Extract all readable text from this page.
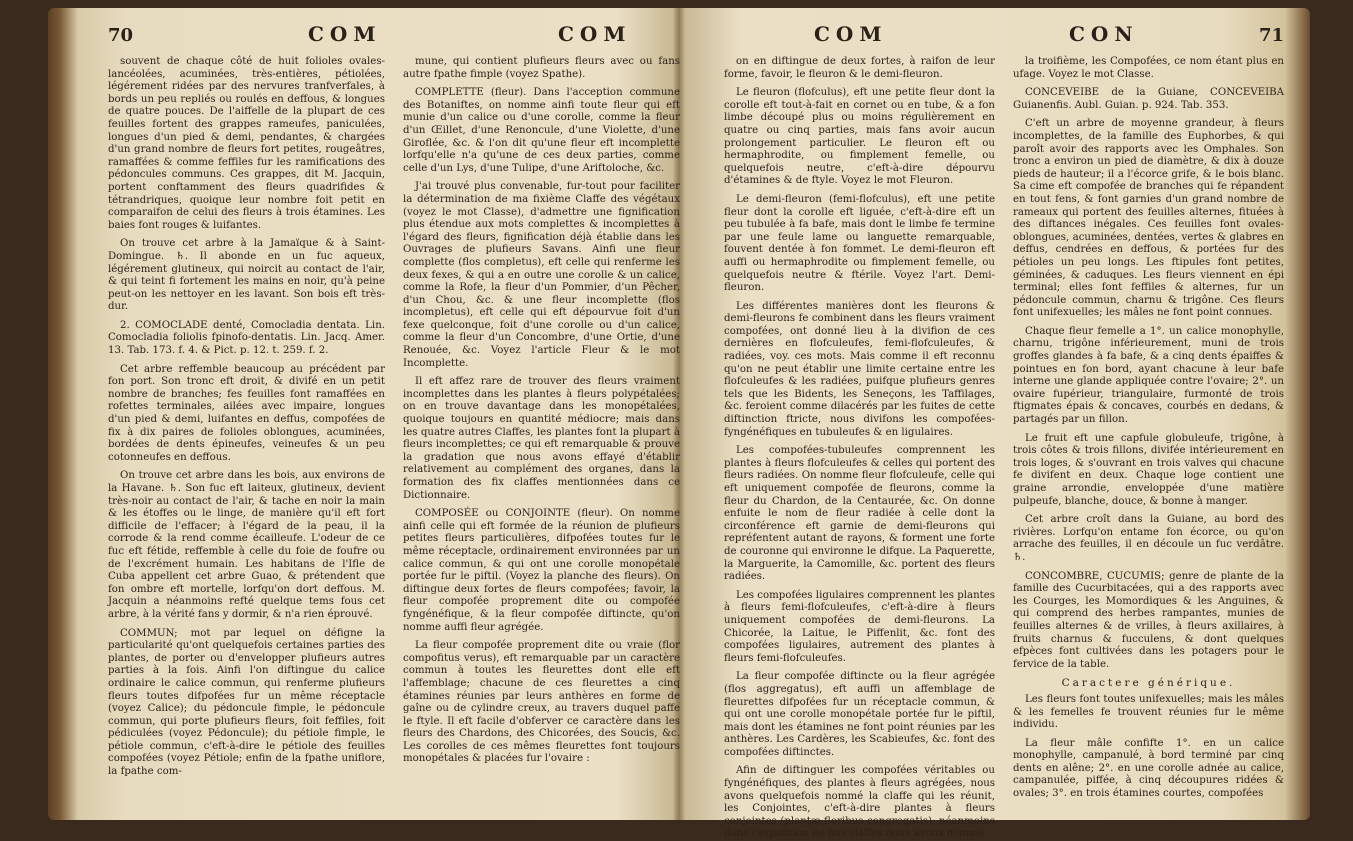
70	COM	COM

souvent de chaque côté de huit folioles ovales-lancéolées, acuminées, très-entières, pétiolées, légérement ridées par des nervures tranfverfales, à bords un peu repliés ou roulés en deffous, & longues de quatre pouces. De l'aiffelle de la plupart de ces feuilles fortent des grappes rameufes, paniculées, longues d'un pied & demi, pendantes, & chargées d'un grand nombre de fleurs fort petites, rougeâtres, ramaffées & comme feffiles fur les ramifications des pédoncules communs. Ces grappes, dit M. Jacquin, portent conftamment des fleurs quadrifides & tétrandriques, quoique leur nombre foit petit en comparaifon de celui des fleurs à trois étamines. Les baies font rouges & luifantes.

On trouve cet arbre à la Jamaïque & à Saint-Domingue. ♄. Il abonde en un fuc aqueux, légérement glutineux, qui noircit au contact de l'air, & qui teint fi fortement les mains en noir, qu'à peine peut-on les nettoyer en les lavant. Son bois eft très-dur.

2. COMOCLADE denté, Comocladia dentata. Lin. Comocladia foliolis fpinofo-dentatis. Lin. Jacq. Amer. 13. Tab. 173. f. 4. & Pict. p. 12. t. 259. f. 2.

Cet arbre reffemble beaucoup au précédent par fon port. Son tronc eft droit, & divifé en un petit nombre de branches; fes feuilles font ramaffées en rofettes terminales, ailées avec impaire, longues d'un pied & demi, luifantes en deffus, compofées de fix à dix paires de folioles oblongues, acuminées, bordées de dents épineufes, veineufes & un peu cotonneufes en deffous.

On trouve cet arbre dans les bois, aux environs de la Havane. ♄. Son fuc eft laiteux, glutineux, devient très-noir au contact de l'air, & tache en noir la main & les étoffes ou le linge, de manière qu'il eft fort difficile de l'effacer; à l'égard de la peau, il la corrode & la rend comme écailleufe. L'odeur de ce fuc eft fétide, reffemble à celle du foie de foufre ou de l'excrément humain. Les habitans de l'Ifle de Cuba appellent cet arbre Guao, & prétendent que fon ombre eft mortelle, lorfqu'on dort deffous. M. Jacquin a néanmoins refté quelque tems fous cet arbre, à la vérité fans y dormir, & n'a rien éprouvé.

COMMUN; mot par lequel on défigne la particularité qu'ont quelquefois certaines parties des plantes, de porter ou d'envelopper plufieurs autres parties à la fois. Ainfi l'on diftingue du calice ordinaire le calice commun, qui renferme plufieurs fleurs toutes difpofées fur un même réceptacle (voyez Calice); du pédoncule fimple, le pédoncule commun, qui porte plufieurs fleurs, foit feffiles, foit pédiculées (voyez Pédoncule); du pétiole fimple, le pétiole commun, c'eft-à-dire le pétiole des feuilles compofées (voyez Pétiole; enfin de la fpathe uniflore, la fpathe com-

mune, qui contient plufieurs fleurs avec ou fans autre fpathe fimple (voyez Spathe).

COMPLETTE (fleur). Dans l'acception commune des Botaniftes, on nomme ainfi toute fleur qui eft munie d'un calice ou d'une corolle, comme la fleur d'un Œillet, d'une Renoncule, d'une Violette, d'une Giroflée, &c. & l'on dit qu'une fleur eft incomplette lorfqu'elle n'a qu'une de ces deux parties, comme celle d'un Lys, d'une Tulipe, d'une Ariftoloche, &c.

J'ai trouvé plus convenable, fur-tout pour faciliter la détermination de ma fixième Claffe des végétaux (voyez le mot Classe), d'admettre une fignification plus étendue aux mots complettes & incomplettes à l'égard des fleurs, fignification déjà établie dans les Ouvrages de plufieurs Savans. Ainfi une fleur complette (flos completus), eft celle qui renferme les deux fexes, & qui a en outre une corolle & un calice, comme la Rofe, la fleur d'un Pommier, d'un Pêcher, d'un Chou, &c. & une fleur incomplette (flos incompletus), eft celle qui eft dépourvue foit d'un fexe quelconque, foit d'une corolle ou d'un calice, comme la fleur d'un Concombre, d'une Ortie, d'une Renouée, &c. Voyez l'article Fleur & le mot Incomplette.

Il eft affez rare de trouver des fleurs vraiment incomplettes dans les plantes à fleurs polypétalées; on en trouve davantage dans les monopétalées, quoique toujours en quantité médiocre; mais dans les quatre autres Claffes, les plantes font la plupart à fleurs incomplettes; ce qui eft remarquable & prouve la gradation que nous avons effayé d'établir relativement au complément des organes, dans la formation des fix claffes mentionnées dans ce Dictionnaire.

COMPOSÉE ou CONJOINTE (fleur). On nomme ainfi celle qui eft formée de la réunion de plufieurs petites fleurs particulières, difpofées toutes fur le même réceptacle, ordinairement environnées par un calice commun, & qui ont une corolle monopétale portée fur le piftil. (Voyez la planche des fleurs). On diftingue deux fortes de fleurs compofées; favoir, la fleur compofée proprement dite ou compofée fyngénéfique, & la fleur compofée diftincte, qu'on nomme auffi fleur agrégée.

La fleur compofée proprement dite ou vraie (flor compofitus verus), eft remarquable par un caractère commun à toutes les fleurettes dont elle eft l'affemblage; chacune de ces fleurettes a cinq étamines réunies par leurs anthères en forme de gaîne ou de cylindre creux, au travers duquel paffe le ftyle. Il eft facile d'obferver ce caractère dans les fleurs des Chardons, des Chicorées, des Soucis, &c. Les corolles de ces mêmes fleurettes font toujours monopétales & placées fur l'ovaire :

COM	CON	71

on en diftingue de deux fortes, à raifon de leur forme, favoir, le fleuron & le demi-fleuron.

Le fleuron (flofculus), eft une petite fleur dont la corolle eft tout-à-fait en cornet ou en tube, & a fon limbe découpé plus ou moins régulièrement en quatre ou cinq parties, mais fans avoir aucun prolongement particulier. Le fleuron eft ou hermaphrodite, ou fimplement femelle, ou quelquefois neutre, c'eft-à-dire dépourvu d'étamines & de ftyle. Voyez le mot Fleuron.

Le demi-fleuron (femi-flofculus), eft une petite fleur dont la corolle eft liguée, c'eft-à-dire eft un peu tubulée à fa bafe, mais dont le limbe fe termine par une feule lame ou languette remarquable, fouvent dentée à fon fommet. Le demi-fleuron eft auffi ou hermaphrodite ou fimplement femelle, ou quelquefois neutre & ftérile. Voyez l'art. Demi-fleuron.

Les différentes manières dont les fleurons & demi-fleurons fe combinent dans les fleurs vraiment compofées, ont donné lieu à la divifion de ces dernières en flofculeufes, femi-flofculeufes, & radiées, voy. ces mots. Mais comme il eft reconnu qu'on ne peut établir une limite certaine entre les flofculeufes & les radiées, puifque plufieurs genres tels que les Bidents, les Seneçons, les Taffilages, &c. feroient comme dilacérés par les fuites de cette diftinction ftricte, nous divifons les compofées-fyngénéfiques en tubuleufes & en ligulaires.

Les compofées-tubuleufes comprennent les plantes à fleurs flofculeufes & celles qui portent des fleurs radiées. On nomme fleur flofculeufe, celle qui eft uniquement compofée de fleurons, comme la fleur du Chardon, de la Centaurée, &c. On donne enfuite le nom de fleur radiée à celle dont la circonférence eft garnie de demi-fleurons qui repréfentent autant de rayons, & forment une forte de couronne qui environne le difque. La Paquerette, la Marguerite, la Camomille, &c. portent des fleurs radiées.

Les compofées ligulaires comprennent les plantes à fleurs femi-flofculeufes, c'eft-à-dire à fleurs uniquement compofées de demi-fleurons. La Chicorée, la Laitue, le Piffenlit, &c. font des compofées ligulaires, autrement des plantes à fleurs femi-flofculeufes.

La fleur compofée diftincte ou la fleur agrégée (flos aggregatus), eft auffi un affemblage de fleurettes difpofées fur un réceptacle commun, & qui ont une corolle monopétale portée fur le piftil, mais dont les étamines ne font point réunies par les anthères. Les Cardères, les Scabieufes, &c. font des compofées diftinctes.

Afin de diftinguer les compofées véritables ou fyngénéfiques, des plantes à fleurs agrégées, nous avons quelquefois nommé la claffe qui les réunit, les Conjointes, c'eft-à-dire plantes à fleurs conjointes (plantæ floribus congregatis); néanmoins dans l'expofition de nos claffes nous avons nommé

la troifième, les Compofées, ce nom étant plus en ufage. Voyez le mot Classe.

CONCEVEIBE de la Guiane, CONCEVEIBA Guianenfis. Aubl. Guian. p. 924. Tab. 353.

C'eft un arbre de moyenne grandeur, à fleurs incomplettes, de la famille des Euphorbes, & qui paroît avoir des rapports avec les Omphales. Son tronc a environ un pied de diamètre, & dix à douze pieds de hauteur; il a l'écorce grife, & le bois blanc. Sa cime eft compofée de branches qui fe répandent en tout fens, & font garnies d'un grand nombre de rameaux qui portent des feuilles alternes, fituées à des diftances inégales. Ces feuilles font ovales-oblongues, acuminées, dentées, vertes & glabres en deffus, cendrées en deffous, & portées fur des pétioles un peu longs. Les ftipules font petites, géminées, & caduques. Les fleurs viennent en épi terminal; elles font feffiles & alternes, fur un pédoncule commun, charnu & trigône. Ces fleurs font unifexuelles; les mâles ne font point connues.

Chaque fleur femelle a 1°. un calice monophylle, charnu, trigône inférieurement, muni de trois groffes glandes à fa bafe, & a cinq dents épaiffes & pointues en fon bord, ayant chacune à leur bafe interne une glande appliquée contre l'ovaire; 2°. un ovaire fupérieur, triangulaire, furmonté de trois ftigmates épais & concaves, courbés en dedans, & partagés par un fillon.

Le fruit eft une capfule globuleufe, trigône, à trois côtes & trois fillons, divifée intérieurement en trois loges, & s'ouvrant en trois valves qui chacune fe divifent en deux. Chaque loge contient une graine arrondie, enveloppée d'une matière pulpeufe, blanche, douce, & bonne à manger.

Cet arbre croît dans la Guiane, au bord des rivières. Lorfqu'on entame fon écorce, ou qu'on arrache des feuilles, il en découle un fuc verdâtre. ♄.

CONCOMBRE, CUCUMIS; genre de plante de la famille des Cucurbitacées, qui a des rapports avec les Courges, les Momordiques & les Anguines, & qui comprend des herbes rampantes, munies de feuilles alternes & de vrilles, à fleurs axillaires, à fruits charnus & fucculens, & dont quelques efpèces font cultivées dans les potagers pour le fervice de la table.

Caractere générique.

Les fleurs font toutes unifexuelles; mais les mâles & les femelles fe trouvent réunies fur le même individu.

La fleur mâle confifte 1°. en un calice monophylle, campanulé, à bord terminé par cinq dents en alêne; 2°. en une corolle adnée au calice, campanulée, piffée, à cinq découpures ridées & ovales; 3°. en trois étamines courtes, compofées
